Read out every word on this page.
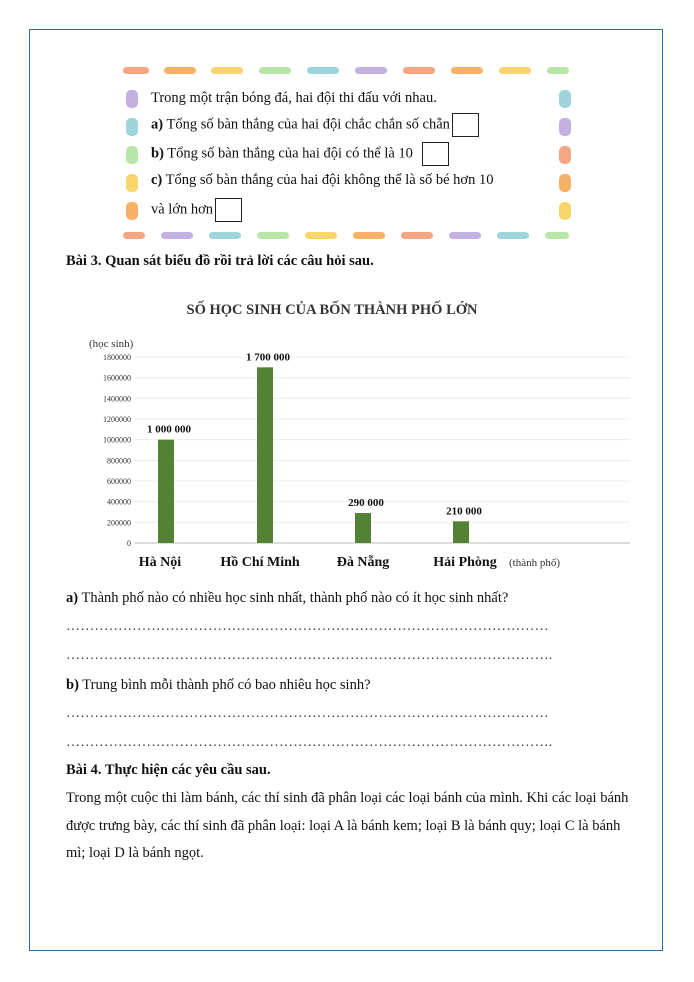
Trong một trận bóng đá, hai đội thi đấu với nhau.
a) Tổng số bàn thắng của hai đội chắc chắn số chẵn
b) Tổng số bàn thắng của hai đội có thể là 10
c) Tổng số bàn thắng của hai đội không thể là số bé hơn 10
và lớn hơn
Bài 3. Quan sát biểu đồ rồi trả lời các câu hỏi sau.
SỐ HỌC SINH CỦA BỐN THÀNH PHỐ LỚN
(học sinh)
(thành phố)
0
200000
400000
600000
800000
1000000
1200000
1400000
1600000
1800000
1 000 000
1 700 000
290 000
210 000
Hà Nội	Hồ Chí Minh	Đà Nẵng	Hải Phòng
a) Thành phố nào có nhiều học sinh nhất, thành phố nào có ít học sinh nhất?
…………………………………………………………………………………………
………………………………………………………………………………………….
b) Trung bình mỗi thành phố có bao nhiêu học sinh?
…………………………………………………………………………………………
………………………………………………………………………………………….
Bài 4. Thực hiện các yêu cầu sau.
Trong một cuộc thi làm bánh, các thí sinh đã phân loại các loại bánh của mình. Khi các loại bánh được trưng bày, các thí sinh đã phân loại: loại A là bánh kem; loại B là bánh quy; loại C là bánh mì; loại D là bánh ngọt.
